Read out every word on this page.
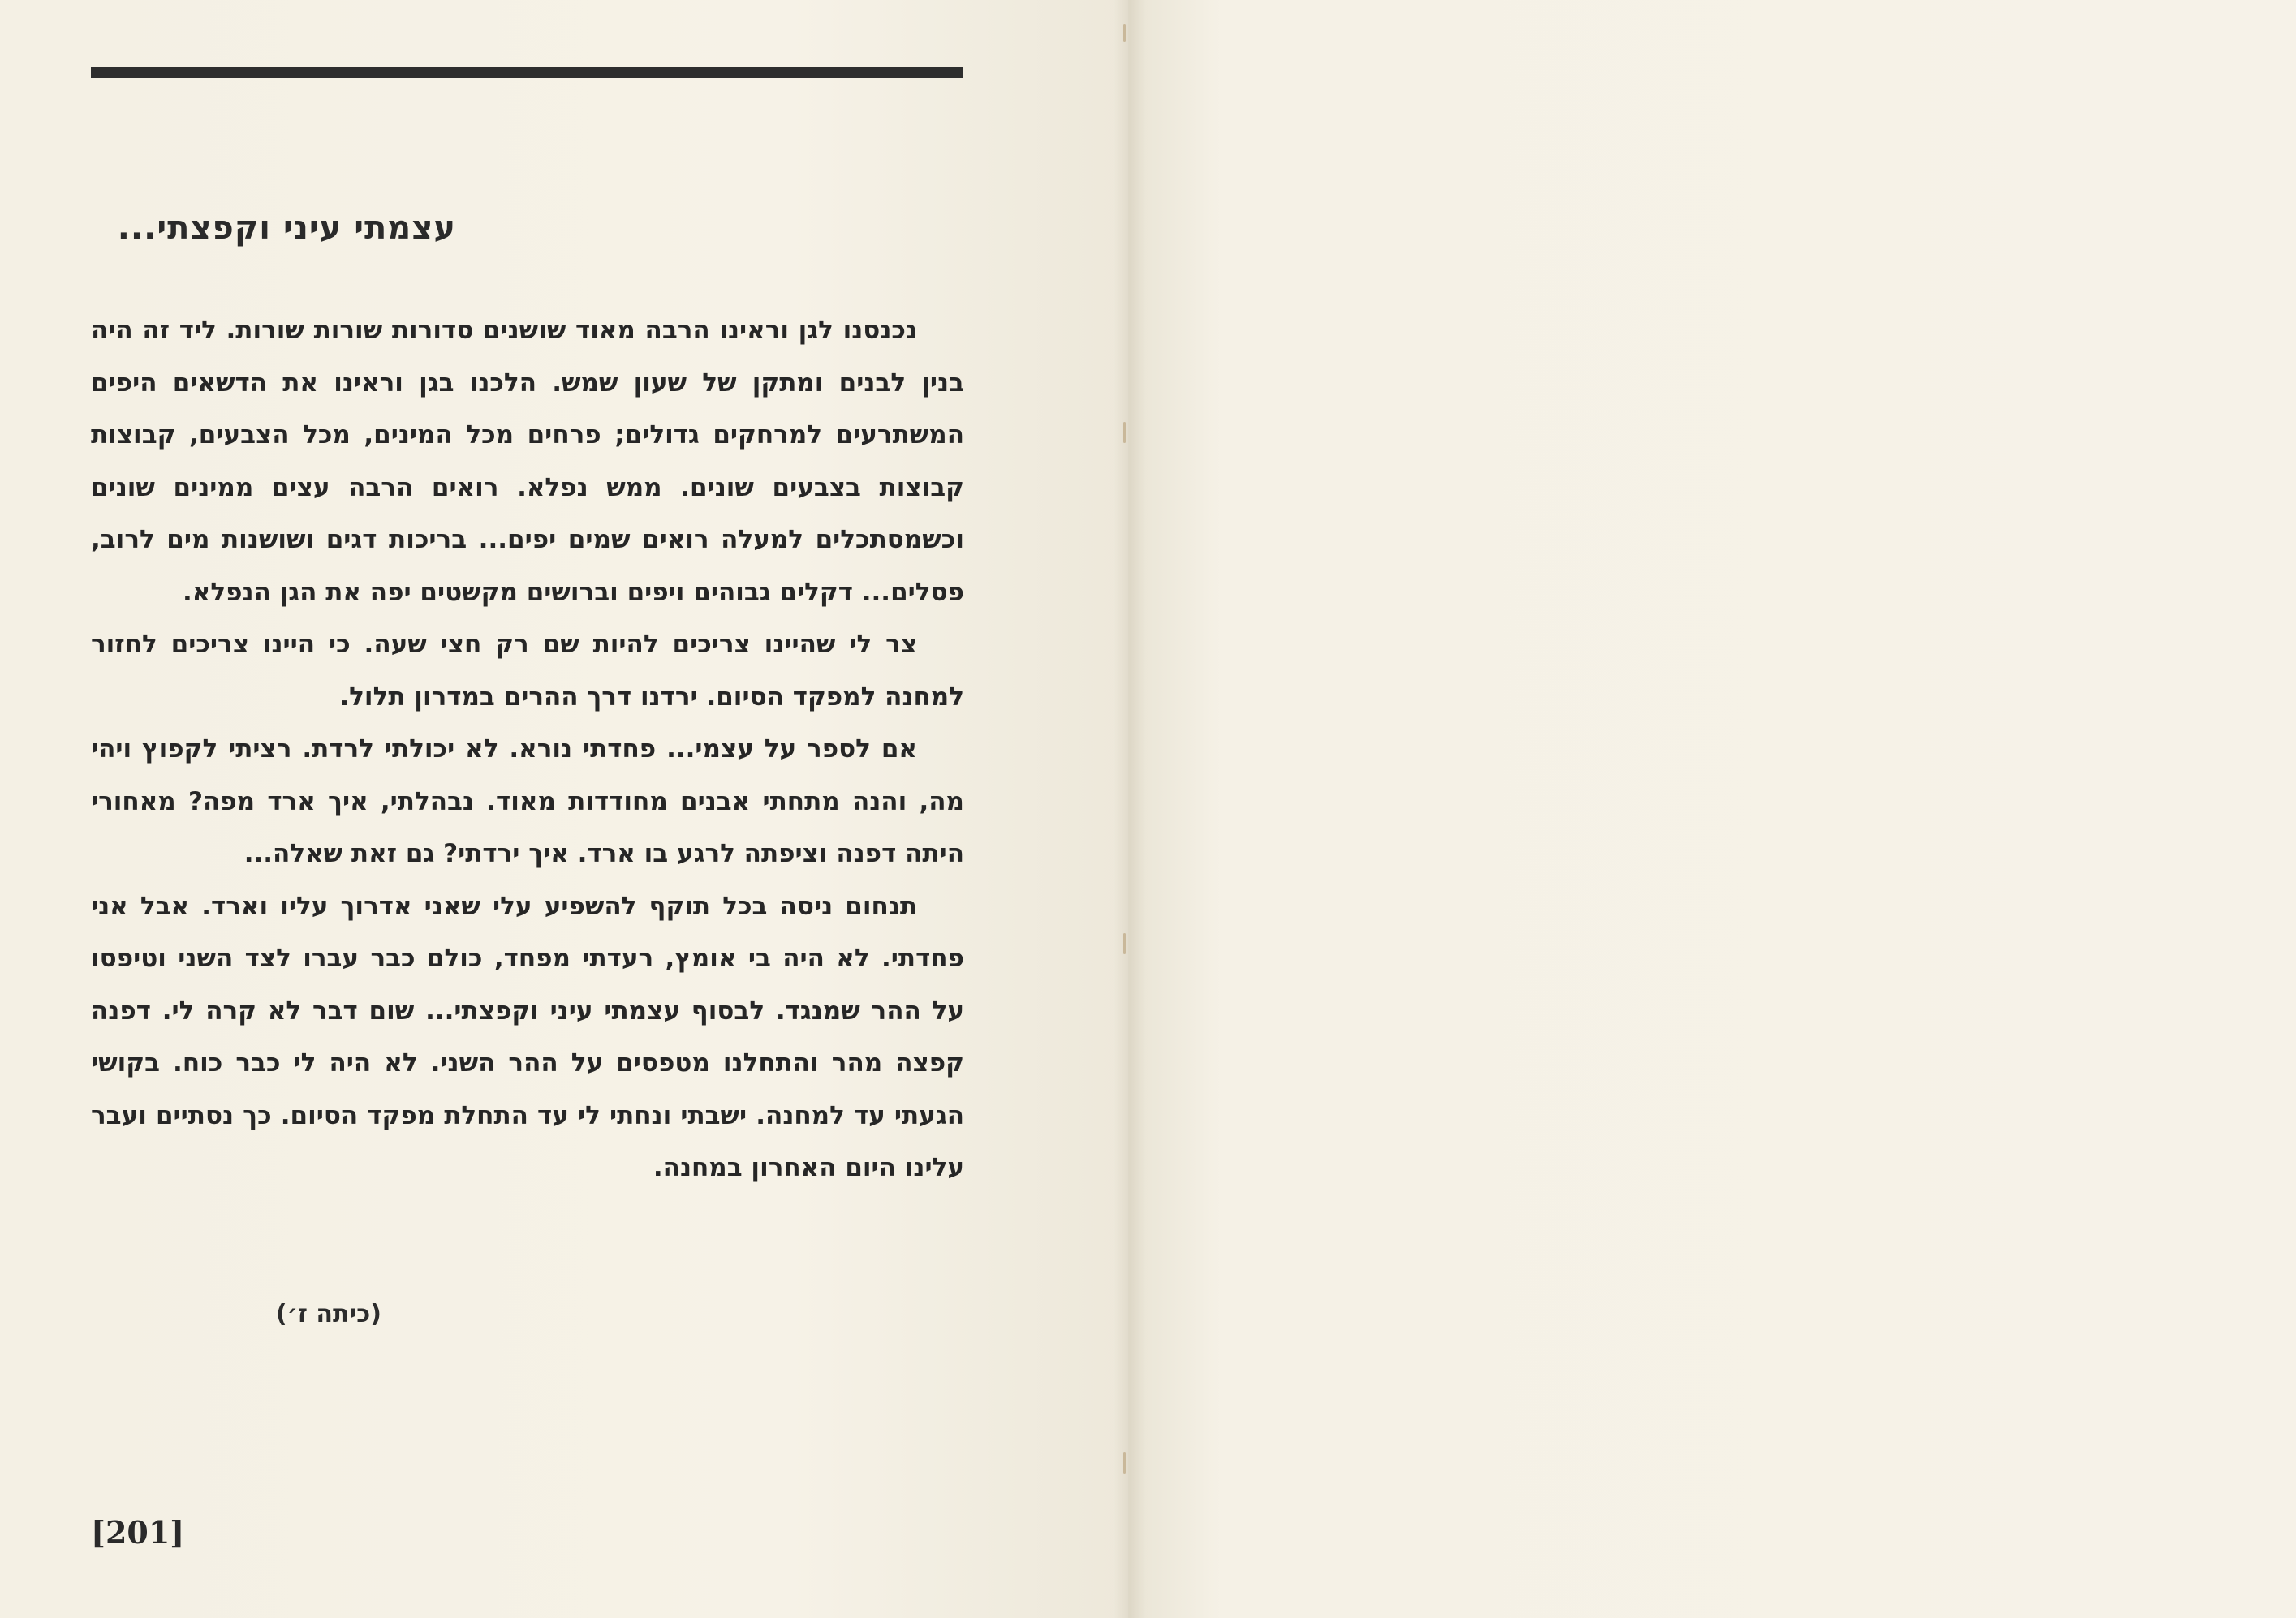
עצמתי עיני וקפצתי...

נכנסנו לגן וראינו הרבה מאוד שושנים סדורות שורות שורות. ליד זה היה בנין לבנים ומתקן של שעון שמש. הלכנו בגן וראינו את הדשאים היפים המשתרעים למרחקים גדולים; פרחים מכל המינים, מכל הצבעים, קבוצות קבוצות בצבעים שונים. ממש נפלא. רואים הרבה עצים ממינים שונים וכשמסתכלים למעלה רואים שמים יפים... בריכות דגים ושושנות מים לרוב, פסלים... דקלים גבוהים ויפים וברושים מקשטים יפה את הגן הנפלא.

צר לי שהיינו צריכים להיות שם רק חצי שעה. כי היינו צריכים לחזור למחנה למפקד הסיום. ירדנו דרך ההרים במדרון תלול.

אם לספר על עצמי... פחדתי נורא. לא יכולתי לרדת. רציתי לקפוץ ויהי מה, והנה מתחתי אבנים מחודדות מאוד. נבהלתי, איך ארד מפה? מאחורי היתה דפנה וציפתה לרגע בו ארד. איך ירדתי? גם זאת שאלה...

תנחום ניסה בכל תוקף להשפיע עלי שאני אדרוך עליו וארד. אבל אני פחדתי. לא היה בי אומץ, רעדתי מפחד, כולם כבר עברו לצד השני וטיפסו על ההר שמנגד. לבסוף עצמתי עיני וקפצתי... שום דבר לא קרה לי. דפנה קפצה מהר והתחלנו מטפסים על ההר השני. לא היה לי כבר כוח. בקושי הגעתי עד למחנה. ישבתי ונחתי לי עד התחלת מפקד הסיום. כך נסתיים ועבר עלינו היום האחרון במחנה.

(כיתה ז׳)
[201]
